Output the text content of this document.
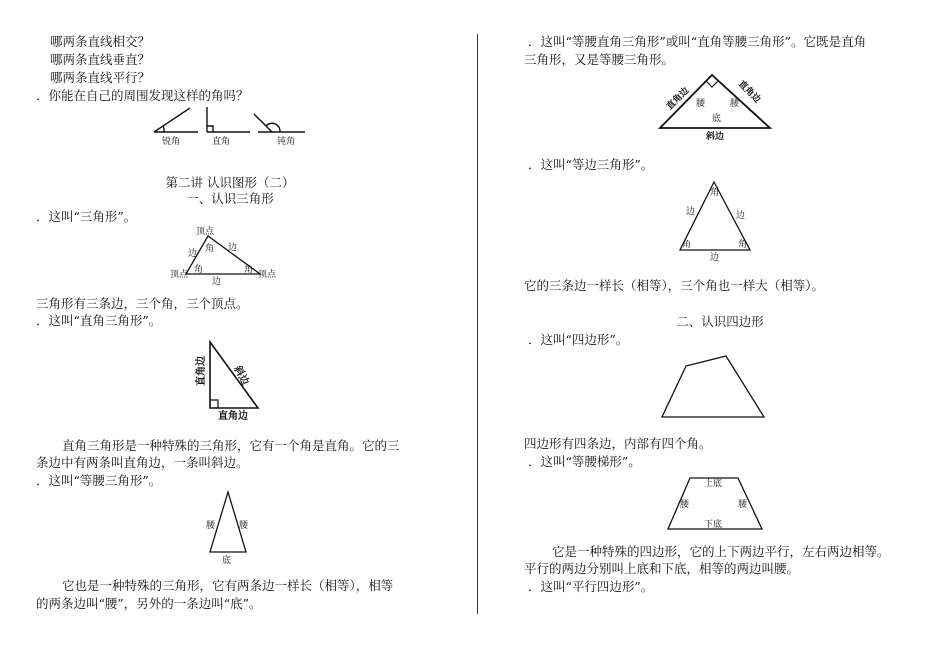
哪两条直线相交？
哪两条直线垂直？
哪两条直线平行？
．你能在自己的周围发现这样的角吗？
锐角	直角	钝角
第二讲 认识图形（二）
一、认识三角形
．这叫“三角形”。
顶点
边 角 边
顶点 角	角 顶点
边
三角形有三条边，三个角，三个顶点。
．这叫“直角三角形”。
直角边 斜边
直角边
直角三角形是一种特殊的三角形，它有一个角是直角。它的三
条边中有两条叫直角边，一条叫斜边。
．这叫“等腰三角形”。
腰	腰
底
它也是一种特殊的三角形，它有两条边一样长（相等），相等
的两条边叫“腰”，另外的一条边叫“底”。
．这叫“等腰直角三角形”或叫“直角等腰三角形”。它既是直角
三角形，又是等腰三角形。
直角边	直角边
腰	腰
底
斜边
．这叫“等边三角形”。
角
边	边
角	角
边
它的三条边一样长（相等），三个角也一样大（相等）。
二、认识四边形
．这叫“四边形”。
四边形有四条边，内部有四个角。
．这叫“等腰梯形”。
上底
腰	腰
下底
它是一种特殊的四边形，它的上下两边平行，左右两边相等。
平行的两边分别叫上底和下底，相等的两边叫腰。
．这叫“平行四边形”。
